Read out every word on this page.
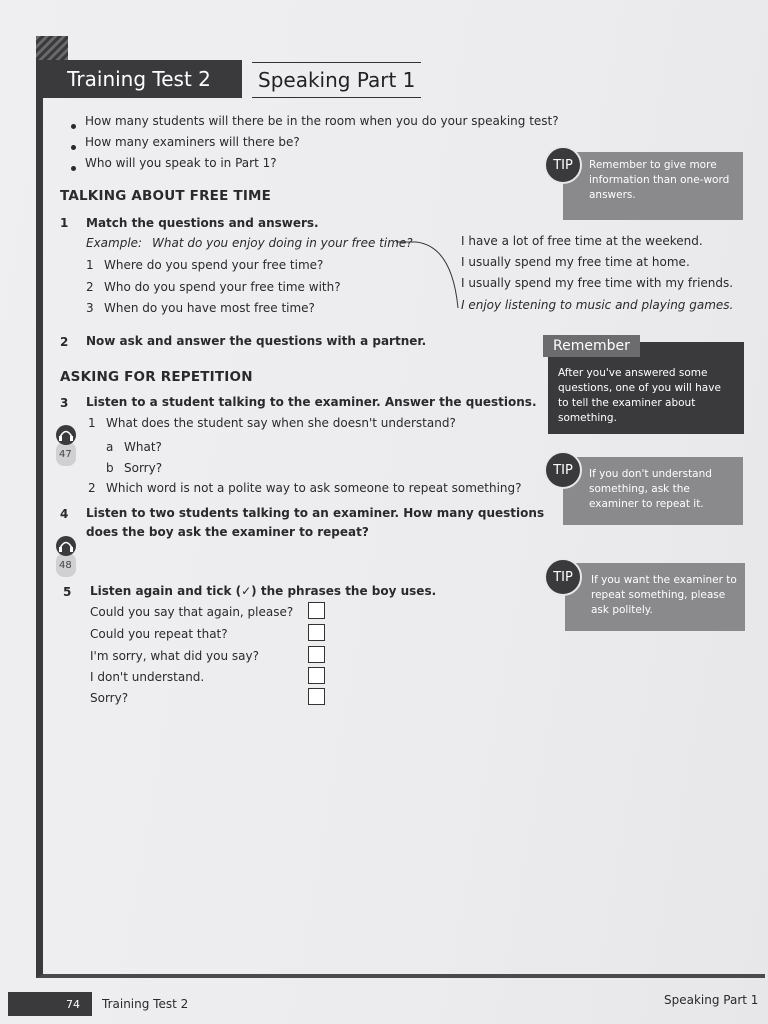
Training Test 2	Speaking Part 1
How many students will there be in the room when you do your speaking test?
How many examiners will there be?
Who will you speak to in Part 1?
TALKING ABOUT FREE TIME
1 Match the questions and answers.
Example: What do you enjoy doing in your free time?
1 Where do you spend your free time?
2 Who do you spend your free time with?
3 When do you have most free time?
I have a lot of free time at the weekend.
I usually spend my free time at home.
I usually spend my free time with my friends.
I enjoy listening to music and playing games.
2 Now ask and answer the questions with a partner.
ASKING FOR REPETITION
3 Listen to a student talking to the examiner. Answer the questions.
1 What does the student say when she doesn't understand?
a What?
b Sorry?
2 Which word is not a polite way to ask someone to repeat something?
47
4 Listen to two students talking to an examiner. How many questions
does the boy ask the examiner to repeat?
48
5 Listen again and tick (✓) the phrases the boy uses.
Could you say that again, please?
Could you repeat that?
I'm sorry, what did you say?
I don't understand.
Sorry?
Remember to give more information than one-word answers.
TIP
After you've answered some questions, one of you will have to tell the examiner about something.
Remember
If you don't understand something, ask the examiner to repeat it.
TIP
If you want the examiner to repeat something, please ask politely.
TIP
74	Training Test 2	Speaking Part 1
